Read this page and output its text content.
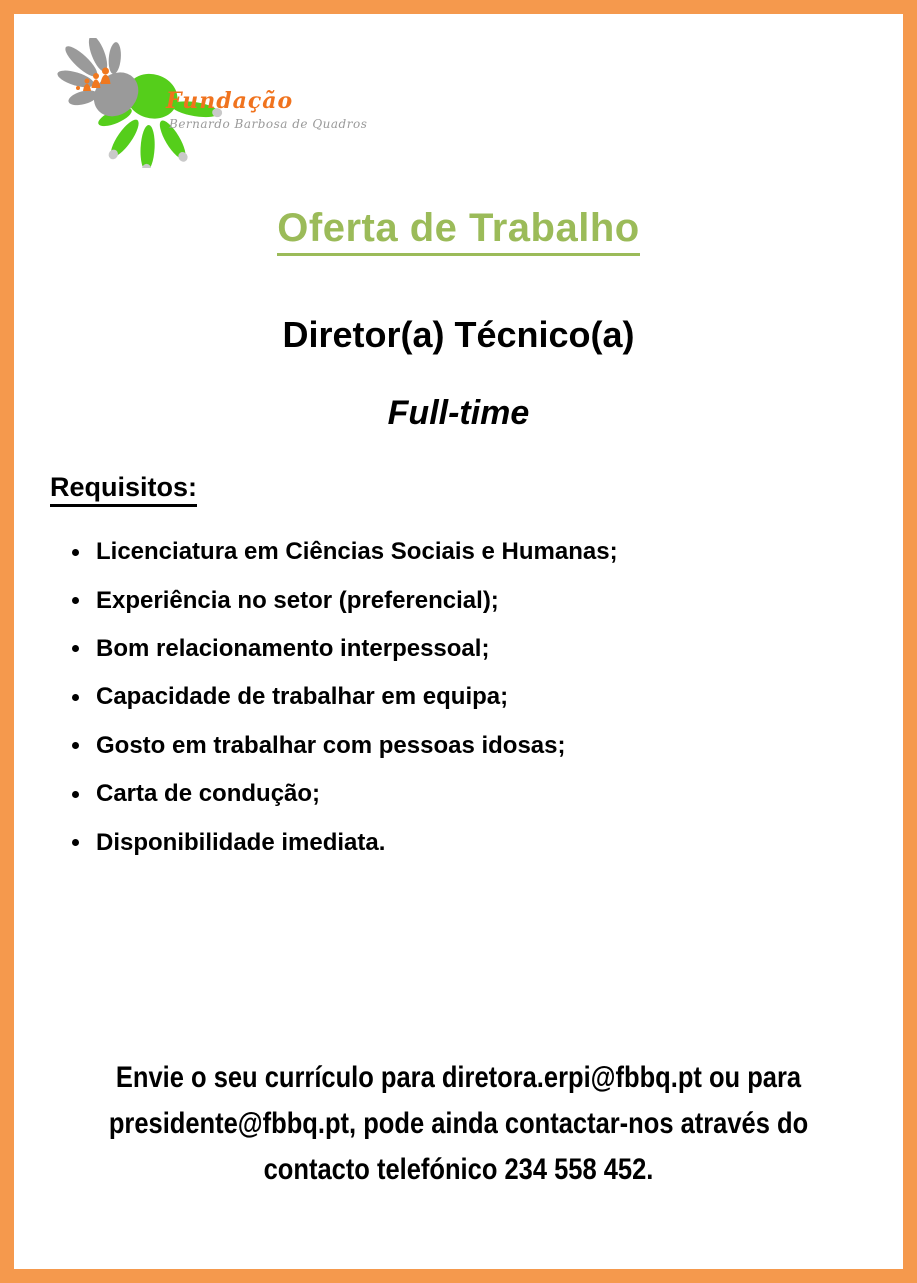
Fundação
Bernardo Barbosa de Quadros
Oferta de Trabalho
Diretor(a) Técnico(a)
Full-time
Requisitos:
Licenciatura em Ciências Sociais e Humanas;
Experiência no setor (preferencial);
Bom relacionamento interpessoal;
Capacidade de trabalhar em equipa;
Gosto em trabalhar com pessoas idosas;
Carta de condução;
Disponibilidade imediata.
Envie o seu currículo para diretora.erpi@fbbq.pt ou para
presidente@fbbq.pt, pode ainda contactar-nos através do
contacto telefónico 234 558 452.
